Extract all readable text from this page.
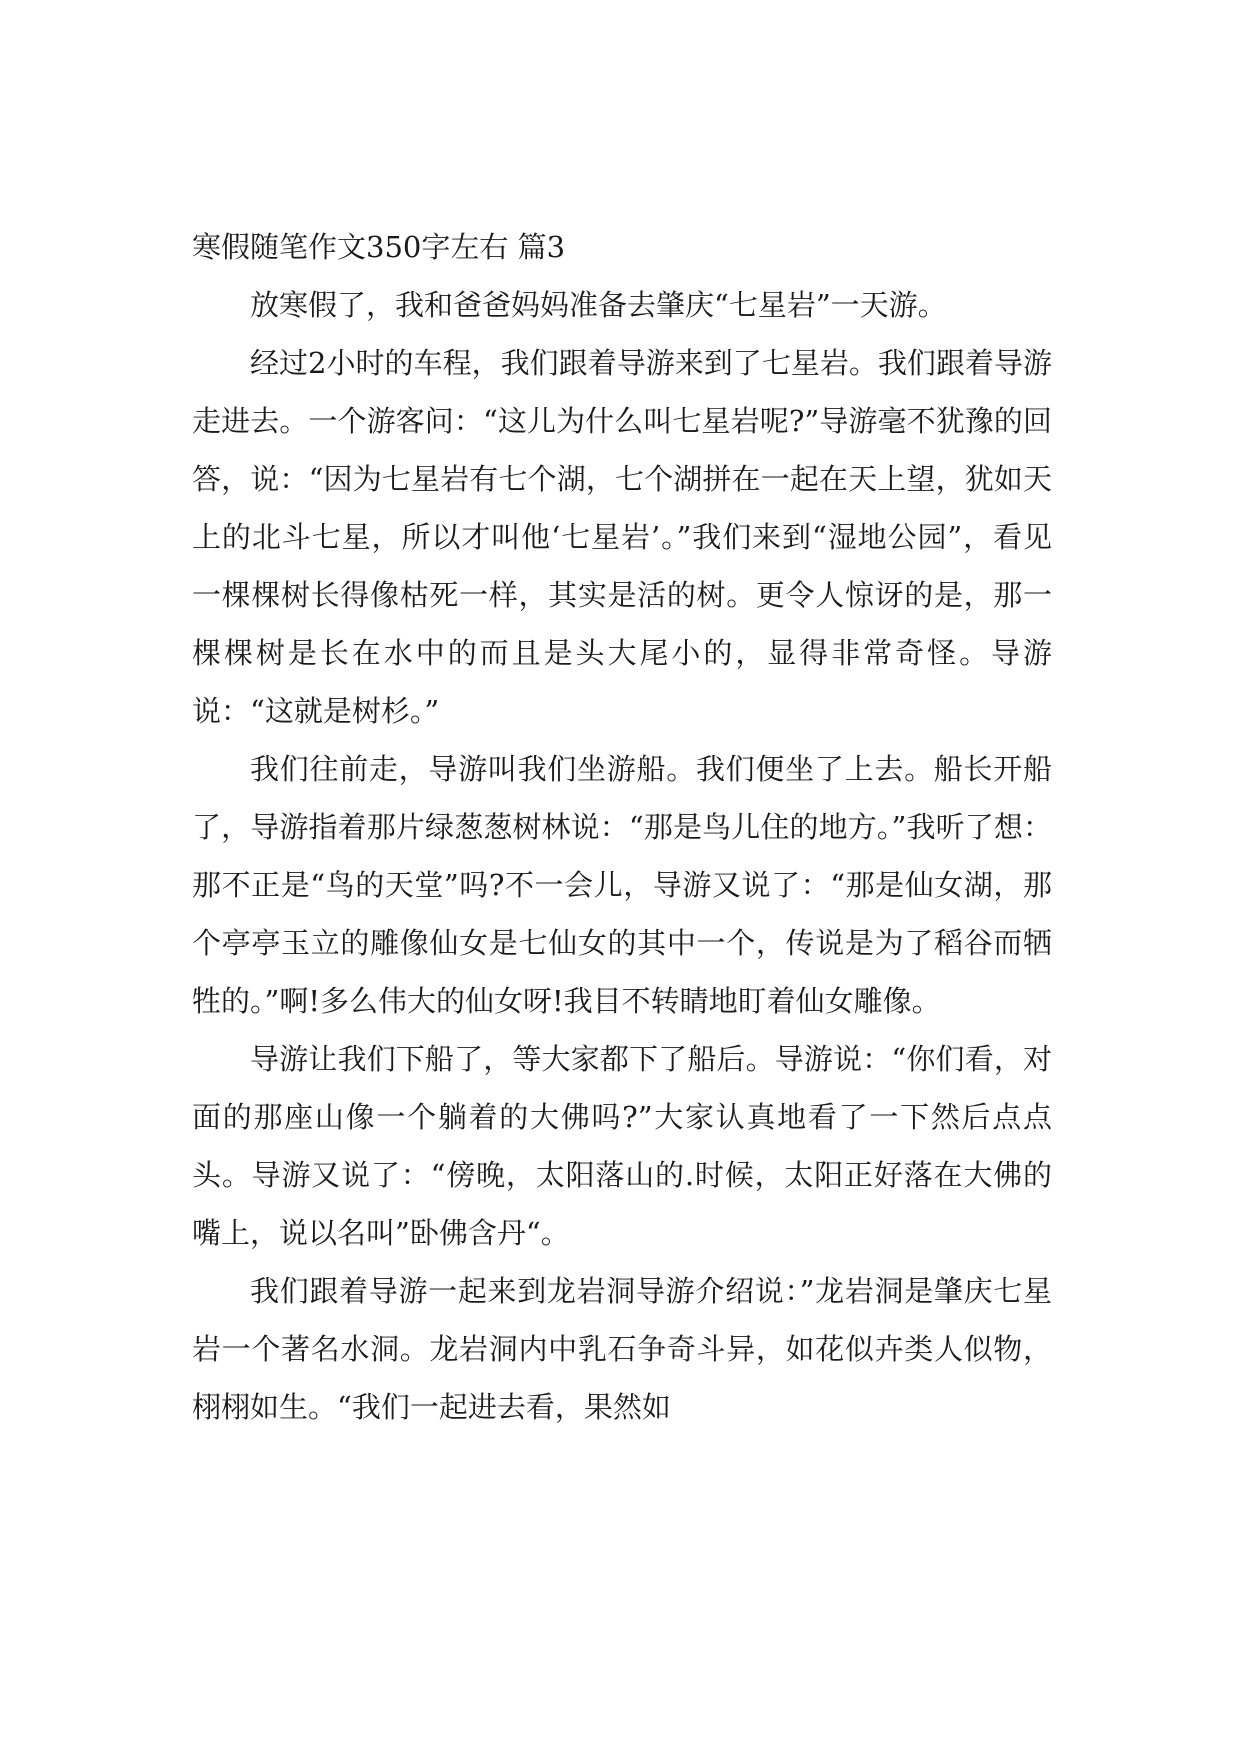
寒假随笔作文350字左右 篇3

放寒假了，我和爸爸妈妈准备去肇庆“七星岩”一天游。

经过2小时的车程，我们跟着导游来到了七星岩。我们跟着导游走进去。一个游客问：“这儿为什么叫七星岩呢?”导游毫不犹豫的回答，说：“因为七星岩有七个湖，七个湖拼在一起在天上望，犹如天上的北斗七星，所以才叫他‘七星岩’。”我们来到“湿地公园”，看见一棵棵树长得像枯死一样，其实是活的树。更令人惊讶的是，那一棵棵树是长在水中的而且是头大尾小的，显得非常奇怪。导游说：“这就是树杉。”

我们往前走，导游叫我们坐游船。我们便坐了上去。船长开船了，导游指着那片绿葱葱树林说：“那是鸟儿住的地方。”我听了想：那不正是“鸟的天堂”吗?不一会儿，导游又说了：“那是仙女湖，那个亭亭玉立的雕像仙女是七仙女的其中一个，传说是为了稻谷而牺牲的。”啊!多么伟大的仙女呀!我目不转睛地盯着仙女雕像。

导游让我们下船了，等大家都下了船后。导游说：“你们看，对面的那座山像一个躺着的大佛吗?”大家认真地看了一下然后点点头。导游又说了：“傍晚，太阳落山的.时候，太阳正好落在大佛的嘴上，说以名叫”卧佛含丹“。

我们跟着导游一起来到龙岩洞导游介绍说：”龙岩洞是肇庆七星岩一个著名水洞。龙岩洞内中乳石争奇斗异，如花似卉类人似物，栩栩如生。“我们一起进去看，果然如
